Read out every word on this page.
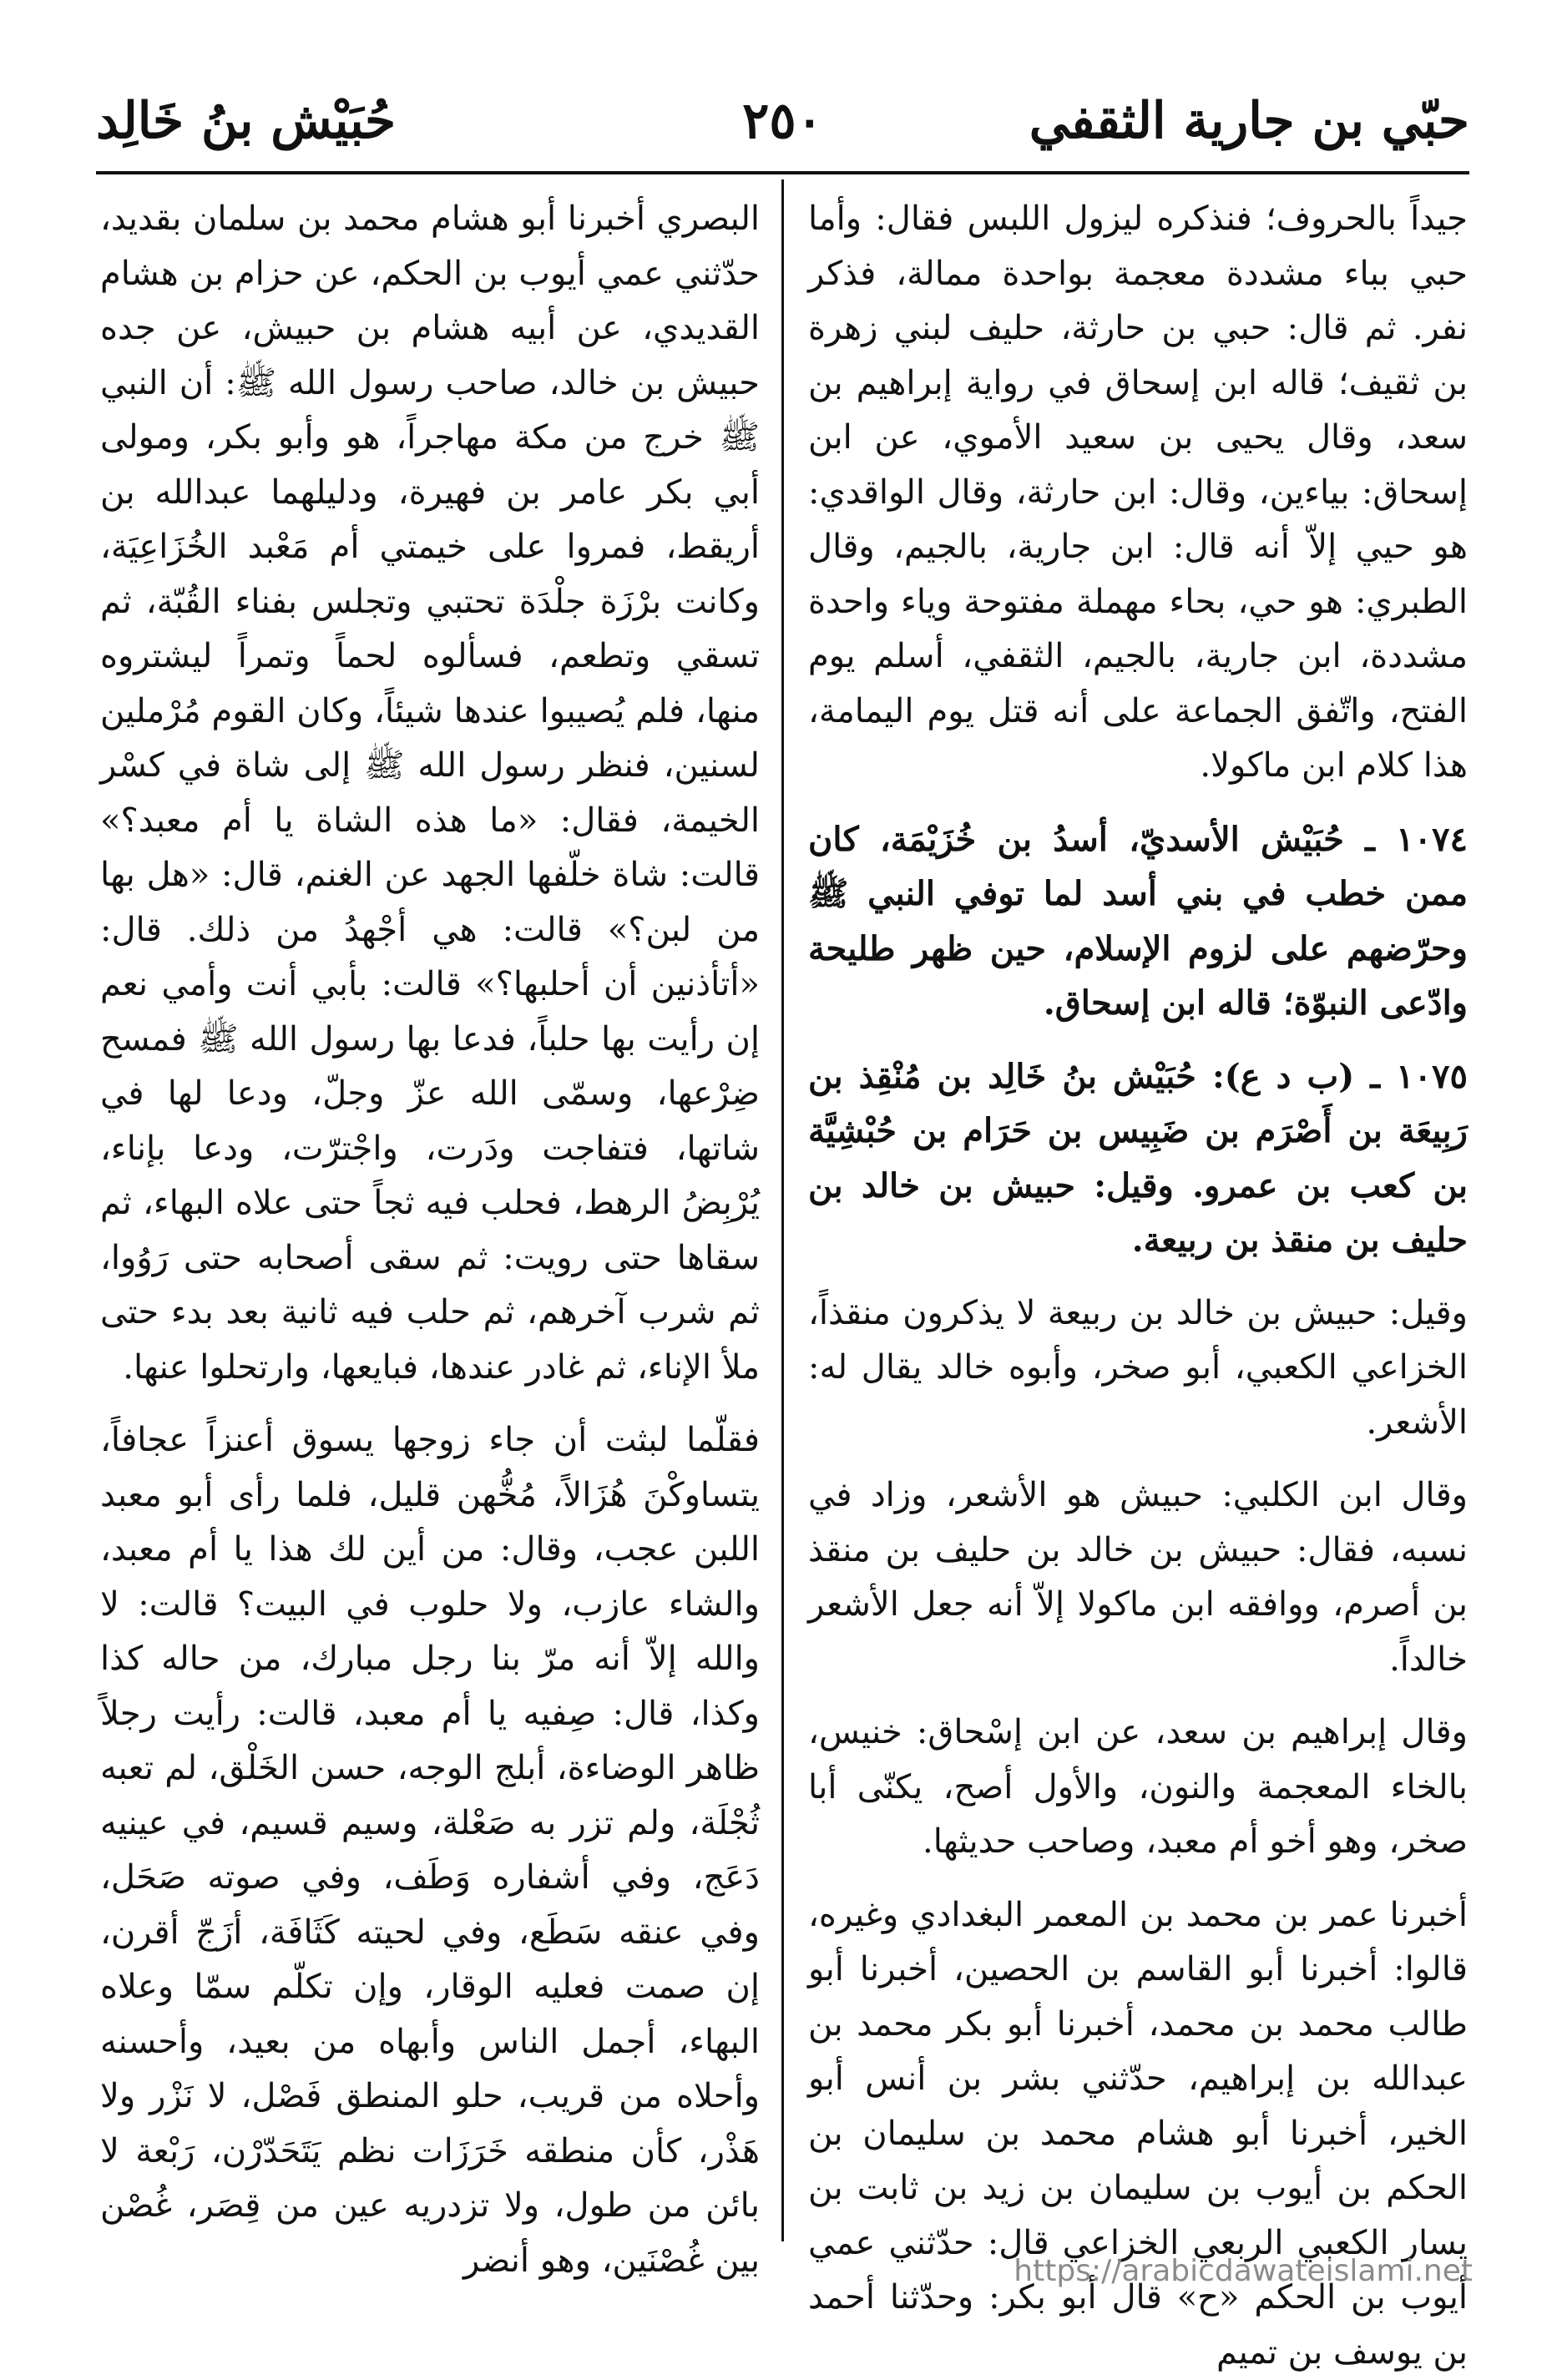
حبّي بن جارية الثقفي
٢٥٠
حُبَيْش بنُ خَالِد

جيداً بالحروف؛ فنذكره ليزول اللبس فقال: وأما حبي بباء مشددة معجمة بواحدة ممالة، فذكر نفر. ثم قال: حبي بن حارثة، حليف لبني زهرة بن ثقيف؛ قاله ابن إسحاق في رواية إبراهيم بن سعد، وقال يحيى بن سعيد الأموي، عن ابن إسحاق: بياءين، وقال: ابن حارثة، وقال الواقدي: هو حيي إلاّ أنه قال: ابن جارية، بالجيم، وقال الطبري: هو حي، بحاء مهملة مفتوحة وياء واحدة مشددة، ابن جارية، بالجيم، الثقفي، أسلم يوم الفتح، واتّفق الجماعة على أنه قتل يوم اليمامة، هذا كلام ابن ماكولا.

١٠٧٤ ـ حُبَيْش الأسديّ، أسدُ بن خُزَيْمَة، كان ممن خطب في بني أسد لما توفي النبي ﷺ وحرّضهم على لزوم الإسلام، حين ظهر طليحة وادّعى النبوّة؛ قاله ابن إسحاق.

١٠٧٥ ـ (ب د ع): حُبَيْش بنُ خَالِد بن مُنْقِذ بن رَبِيعَة بن أَصْرَم بن ضَبِيس بن حَرَام بن حُبْشِيَّة بن كعب بن عمرو. وقيل: حبيش بن خالد بن حليف بن منقذ بن ربيعة.

وقيل: حبيش بن خالد بن ربيعة لا يذكرون منقذاً، الخزاعي الكعبي، أبو صخر، وأبوه خالد يقال له: الأشعر.

وقال ابن الكلبي: حبيش هو الأشعر، وزاد في نسبه، فقال: حبيش بن خالد بن حليف بن منقذ بن أصرم، ووافقه ابن ماكولا إلاّ أنه جعل الأشعر خالداً.

وقال إبراهيم بن سعد، عن ابن إسْحاق: خنيس، بالخاء المعجمة والنون، والأول أصح، يكنّى أبا صخر، وهو أخو أم معبد، وصاحب حديثها.

أخبرنا عمر بن محمد بن المعمر البغدادي وغيره، قالوا: أخبرنا أبو القاسم بن الحصين، أخبرنا أبو طالب محمد بن محمد، أخبرنا أبو بكر محمد بن عبدالله بن إبراهيم، حدّثني بشر بن أنس أبو الخير، أخبرنا أبو هشام محمد بن سليمان بن الحكم بن أيوب بن سليمان بن زيد بن ثابت بن يسار الكعبي الربعي الخزاعي قال: حدّثني عمي أيوب بن الحكم «ح» قال أبو بكر: وحدّثنا أحمد بن يوسف بن تميم

البصري أخبرنا أبو هشام محمد بن سلمان بقديد، حدّثني عمي أيوب بن الحكم، عن حزام بن هشام القديدي، عن أبيه هشام بن حبيش، عن جده حبيش بن خالد، صاحب رسول الله ﷺ: أن النبي ﷺ خرج من مكة مهاجراً، هو وأبو بكر، ومولى أبي بكر عامر بن فهيرة، ودليلهما عبدالله بن أريقط، فمروا على خيمتي أم مَعْبد الخُزَاعِيَة، وكانت برْزَة جلْدَة تحتبي وتجلس بفناء القُبّة، ثم تسقي وتطعم، فسألوه لحماً وتمراً ليشتروه منها، فلم يُصيبوا عندها شيئاً، وكان القوم مُرْملين لسنين، فنظر رسول الله ﷺ إلى شاة في كسْر الخيمة، فقال: «ما هذه الشاة يا أم معبد؟» قالت: شاة خلّفها الجهد عن الغنم، قال: «هل بها من لبن؟» قالت: هي أجْهدُ من ذلك. قال: «أتأذنين أن أحلبها؟» قالت: بأبي أنت وأمي نعم إن رأيت بها حلباً، فدعا بها رسول الله ﷺ فمسح ضِرْعها، وسمّى الله عزّ وجلّ، ودعا لها في شاتها، فتفاجت ودَرت، واجْترّت، ودعا بإناء، يُرْبِضُ الرهط، فحلب فيه ثجاً حتى علاه البهاء، ثم سقاها حتى رويت: ثم سقى أصحابه حتى رَوُوا، ثم شرب آخرهم، ثم حلب فيه ثانية بعد بدء حتى ملأ الإناء، ثم غادر عندها، فبايعها، وارتحلوا عنها.

فقلّما لبثت أن جاء زوجها يسوق أعنزاً عجافاً، يتساوكْنَ هُزَالاً، مُخُّهن قليل، فلما رأى أبو معبد اللبن عجب، وقال: من أين لك هذا يا أم معبد، والشاء عازب، ولا حلوب في البيت؟ قالت: لا والله إلاّ أنه مرّ بنا رجل مبارك، من حاله كذا وكذا، قال: صِفيه يا أم معبد، قالت: رأيت رجلاً ظاهر الوضاءة، أبلج الوجه، حسن الخَلْق، لم تعبه ثُجْلَة، ولم تزر به صَعْلة، وسيم قسيم، في عينيه دَعَج، وفي أشفاره وَطَف، وفي صوته صَحَل، وفي عنقه سَطَع، وفي لحيته كَثَافَة، أزَجّ أقرن، إن صمت فعليه الوقار، وإن تكلّم سمّا وعلاه البهاء، أجمل الناس وأبهاه من بعيد، وأحسنه وأحلاه من قريب، حلو المنطق فَصْل، لا نَزْر ولا هَذْر، كأن منطقه خَرَزَات نظم يَتَحَدّرْن، رَبْعة لا بائن من طول، ولا تزدريه عين من قِصَر، غُصْن بين غُصْنَين، وهو أنضر	https://arabicdawateislami.net
